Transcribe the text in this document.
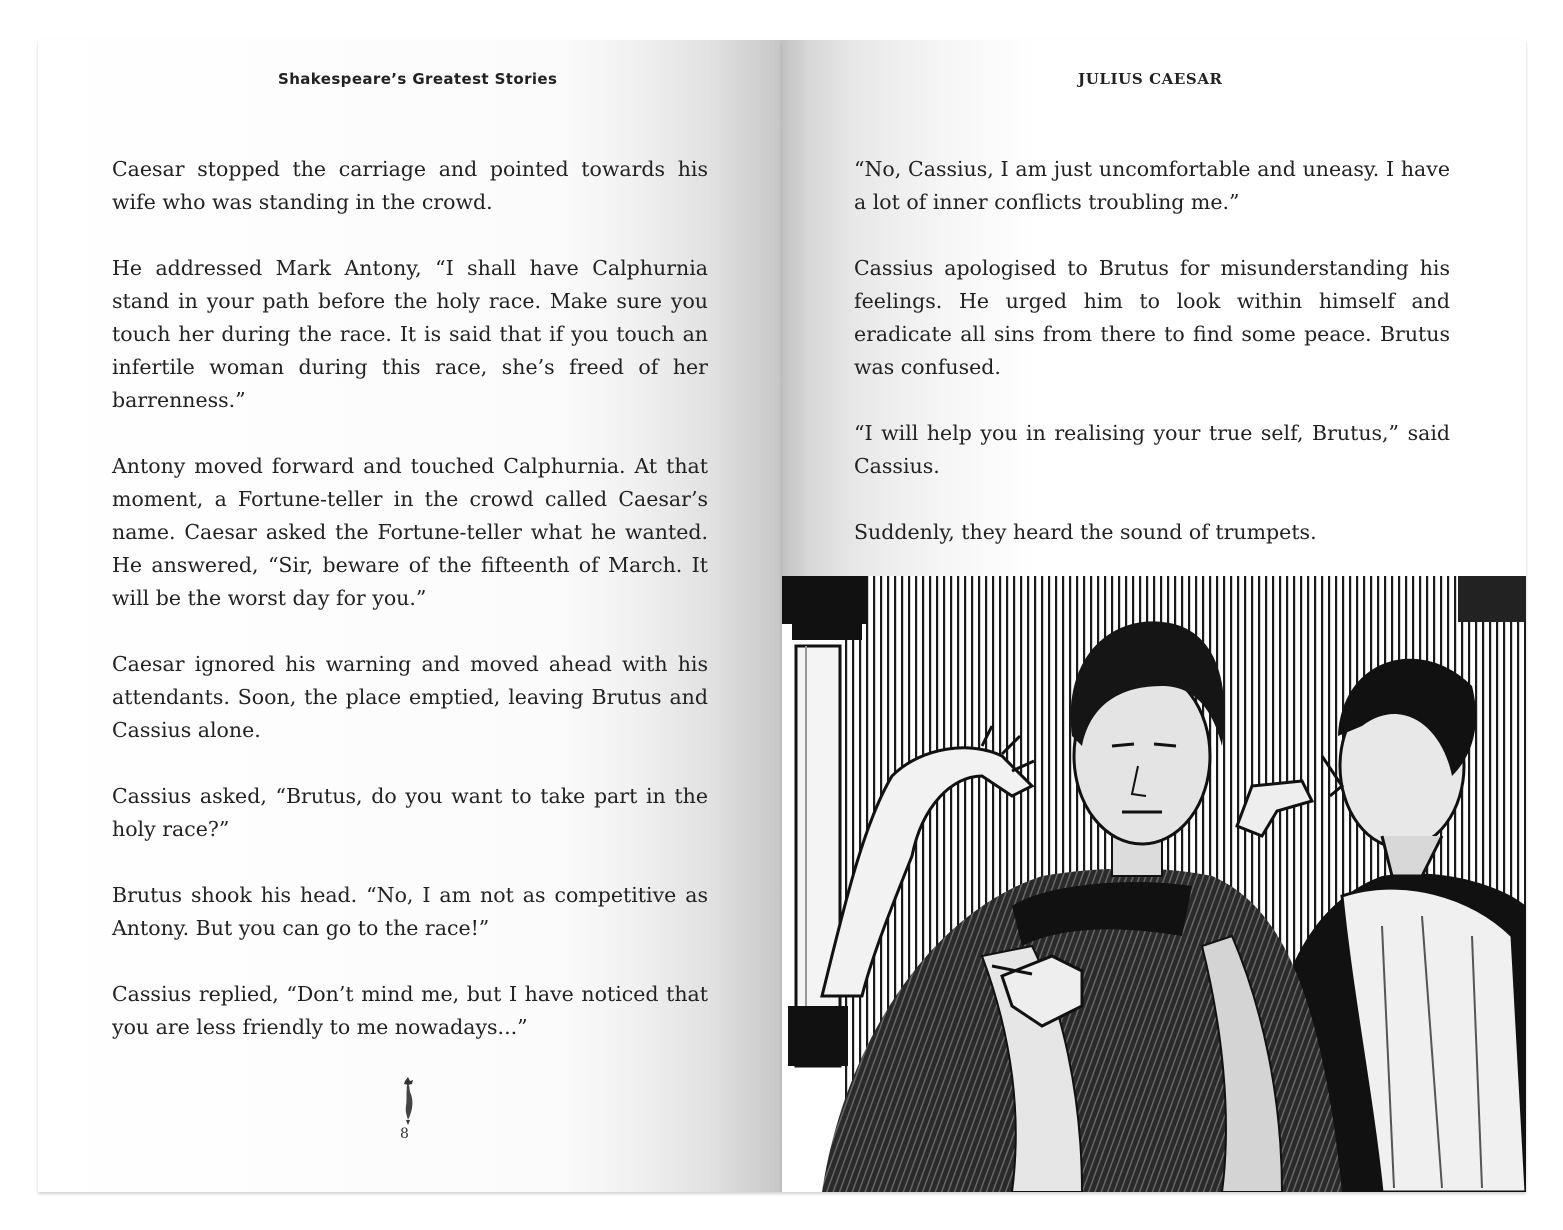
Shakespeare’s Greatest Stories

Caesar stopped the carriage and pointed towards his wife who was standing in the crowd.

He addressed Mark Antony, “I shall have Calphurnia stand in your path before the holy race. Make sure you touch her during the race. It is said that if you touch an infertile woman during this race, she’s freed of her barrenness.”

Antony moved forward and touched Calphurnia. At that moment, a Fortune-teller in the crowd called Caesar’s name. Caesar asked the Fortune-teller what he wanted. He answered, “Sir, beware of the fifteenth of March. It will be the worst day for you.”

Caesar ignored his warning and moved ahead with his attendants. Soon, the place emptied, leaving Brutus and Cassius alone.

Cassius asked, “Brutus, do you want to take part in the holy race?”

Brutus shook his head. “No, I am not as competitive as Antony. But you can go to the race!”

Cassius replied, “Don’t mind me, but I have noticed that you are less friendly to me nowadays...”

8
JULIUS CAESAR

“No, Cassius, I am just uncomfortable and uneasy. I have a lot of inner conflicts troubling me.”

Cassius apologised to Brutus for misunderstanding his feelings. He urged him to look within himself and eradicate all sins from there to find some peace. Brutus was confused.

“I will help you in realising your true self, Brutus,” said Cassius.

Suddenly, they heard the sound of trumpets.
